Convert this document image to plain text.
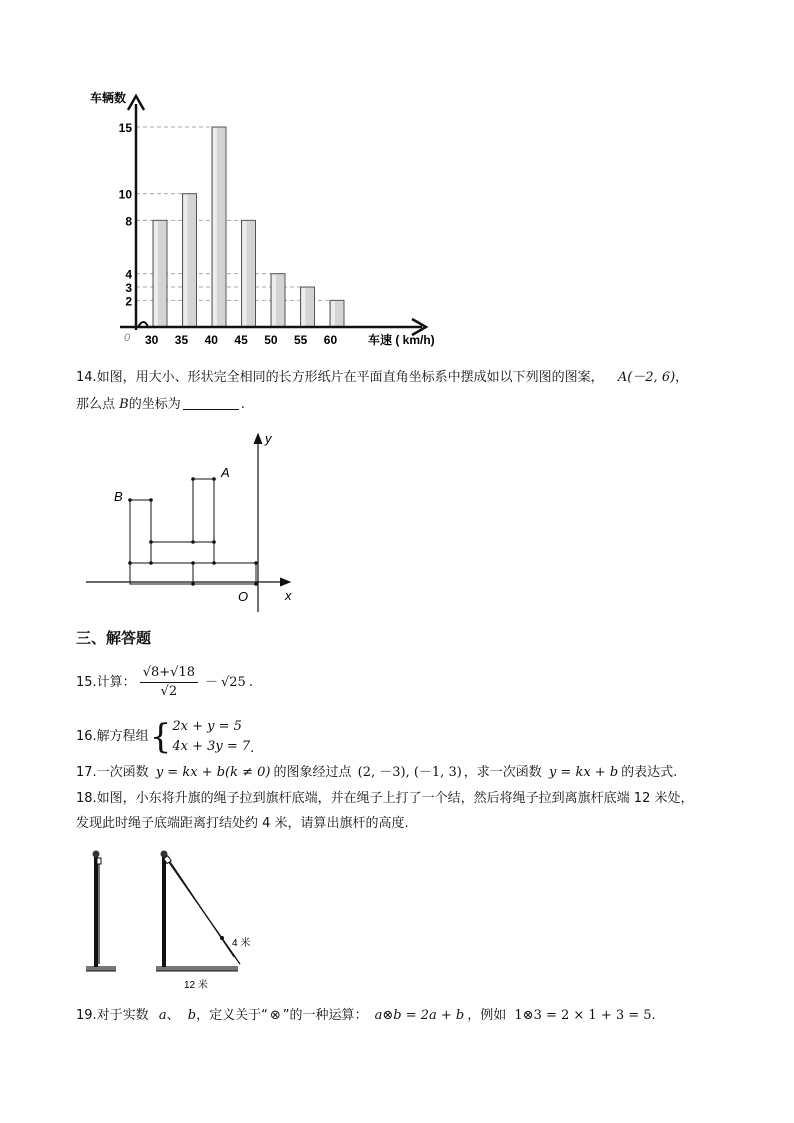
30 35 40 45 50 55 60
2
3
4
8
10
15
车辆数
车速 ( km/h)
0
14.如图，用大小、形状完全相同的长方形纸片在平面直角坐标系中摆成如以下列图的图案， A(－2, 6)，
那么点 B的坐标为	.
B
A
O	x
y
三、解答题
15.计算： $\frac{√8+√18}{√2} - √25$ .
16.解方程组 { 2x + y = 5
4x + 3y = 7 .
17.一次函数 y = kx + b(k ≠ 0) 的图象经过点 (2, －3), (－1, 3) ，求一次函数 y = kx + b 的表达式.
18.如图，小东将升旗的绳子拉到旗杆底端，并在绳子上打了一个结，然后将绳子拉到离旗杆底端 12 米处，
发现此时绳子底端距离打结处约 4 米，请算出旗杆的高度.
4 米
12 米
19.对于实数 a、 b，定义关于“ ⊗ ”的一种运算： a⊗b = 2a + b ，例如 1⊗3 = 2 × 1 + 3 = 5.
